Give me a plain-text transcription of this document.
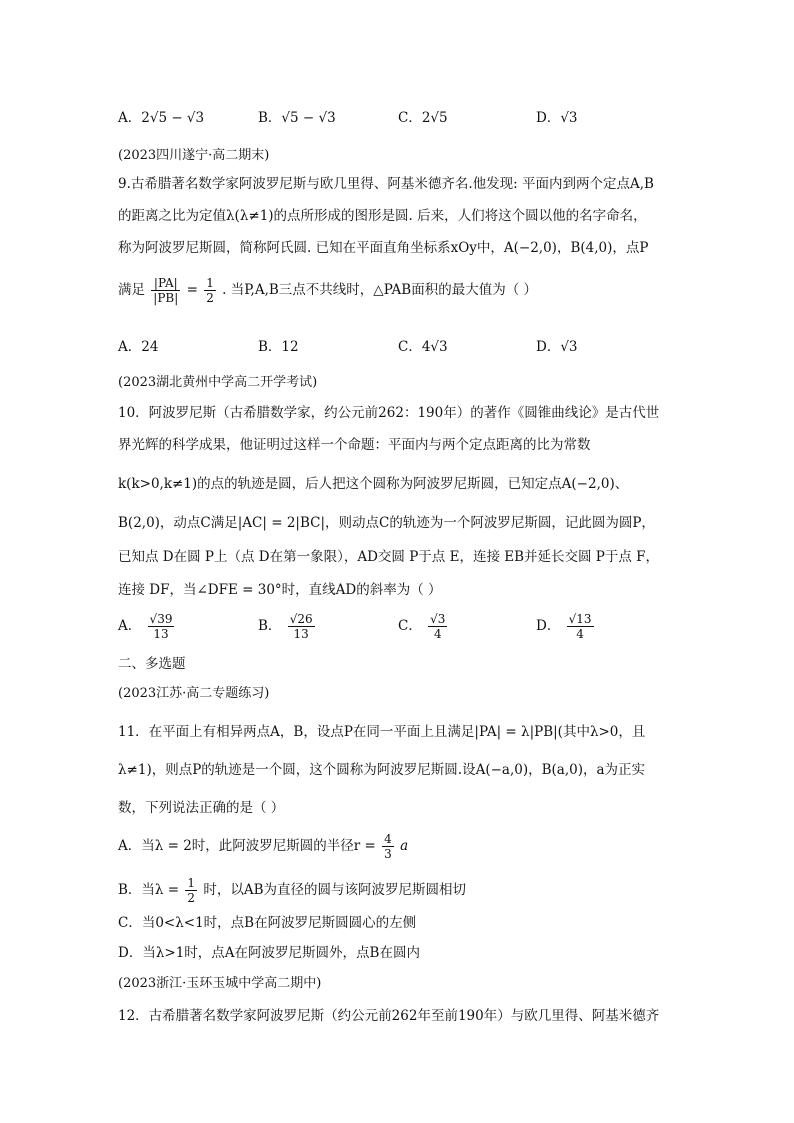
A．2√5 − √3	B．√5 − √3	C．2√5	D．√3
(2023四川遂宁·高二期末)
9.古希腊著名数学家阿波罗尼斯与欧几里得、阿基米德齐名.他发现: 平面内到两个定点A,B
的距离之比为定值λ(λ≠1)的点所形成的图形是圆. 后来，人们将这个圆以他的名字命名，
称为阿波罗尼斯圆，简称阿氏圆. 已知在平面直角坐标系xOy中，A(−2,0)，B(4,0)，点P
满足 $\frac{|PA|}{|PB|} = \frac{1}{2}$ . 当P,A,B三点不共线时，△PAB面积的最大值为（ ）
A．24	B．12	C．4√3	D．√3
(2023湖北黄州中学高二开学考试)
10．阿波罗尼斯（古希腊数学家，约公元前262：190年）的著作《圆锥曲线论》是古代世
界光辉的科学成果，他证明过这样一个命题：平面内与两个定点距离的比为常数
k(k>0,k≠1)的点的轨迹是圆，后人把这个圆称为阿波罗尼斯圆，已知定点A(−2,0)、
B(2,0)，动点C满足|AC| = 2|BC|，则动点C的轨迹为一个阿波罗尼斯圆，记此圆为圆P，
已知点 D在圆 P上（点 D在第一象限），AD交圆 P于点 E，连接 EB并延长交圆 P于点 F，
连接 DF，当∠DFE = 30°时，直线AD的斜率为（ ）
A． $\frac{√39}{13}$	B． $\frac{√26}{13}$	C． $\frac{√3}{4}$	D． $\frac{√13}{4}$
二、多选题
(2023江苏·高二专题练习)
11．在平面上有相异两点A，B，设点P在同一平面上且满足|PA| = λ|PB|(其中λ>0，且
λ≠1)，则点P的轨迹是一个圆，这个圆称为阿波罗尼斯圆.设A(−a,0)，B(a,0)，a为正实
数，下列说法正确的是（ ）
A．当λ = 2时，此阿波罗尼斯圆的半径$r = \frac{4}{3}$ a
B．当$\lambda = \frac{1}{2}$ 时，以AB为直径的圆与该阿波罗尼斯圆相切
C．当0<λ<1时，点B在阿波罗尼斯圆圆心的左侧
D．当λ>1时，点A在阿波罗尼斯圆外，点B在圆内
(2023浙江·玉环玉城中学高二期中)
12．古希腊著名数学家阿波罗尼斯（约公元前262年至前190年）与欧几里得、阿基米德齐
